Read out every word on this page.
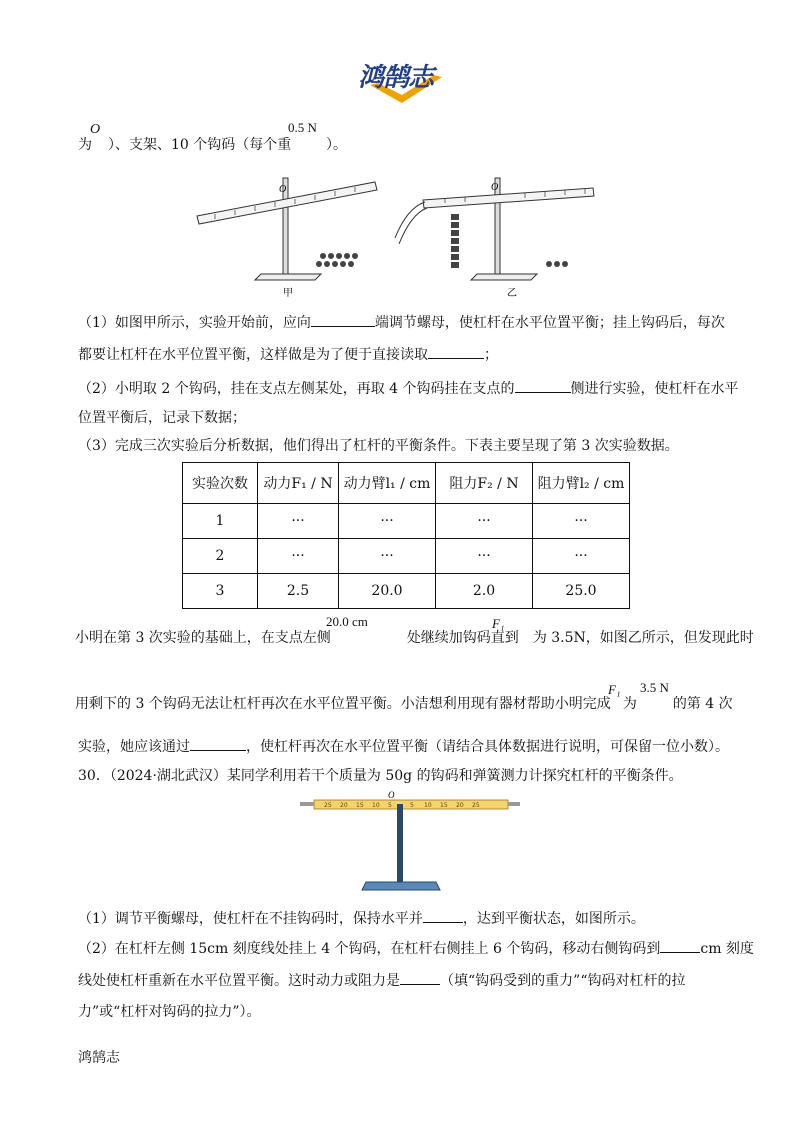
鸿鹄志
为
O
）、支架、10 个钩码（每个重
0.5 N
）。
O
甲
O
乙
（1）如图甲所示，实验开始前，应向	端调节螺母，使杠杆在水平位置平衡；挂上钩码后，每次
都要让杠杆在水平位置平衡，这样做是为了便于直接读取	；
（2）小明取 2 个钩码，挂在支点左侧某处，再取 4 个钩码挂在支点的	侧进行实验，使杠杆在水平
位置平衡后，记录下数据；
（3）完成三次实验后分析数据，他们得出了杠杆的平衡条件。下表主要呈现了第 3 次实验数据。
实验次数	动力F₁ / N	动力臂l₁ / cm	阻力F₂ / N	阻力臂l₂ / cm
1	···	···	···	···
2	···	···	···	···
3	2.5	20.0	2.0	25.0
20.0 cm	F₁
小明在第 3 次实验的基础上，在支点左侧	处继续加钩码直到 为 3.5N，如图乙所示，但发现此时
F₁ 3.5 N
用剩下的 3 个钩码无法让杠杆再次在水平位置平衡。小洁想利用现有器材帮助小明完成 为	的第 4 次
实验，她应该通过	，使杠杆再次在水平位置平衡（请结合具体数据进行说明，可保留一位小数）。
30．（2024·湖北武汉）某同学利用若干个质量为 50g 的钩码和弹簧测力计探究杠杆的平衡条件。
O
25 20 15 10 5	5 10 15 20 25
（1）调节平衡螺母，使杠杆在不挂钩码时，保持水平并	，达到平衡状态，如图所示。
（2）在杠杆左侧 15cm 刻度线处挂上 4 个钩码，在杠杆右侧挂上 6 个钩码，移动右侧钩码到	cm 刻度
线处使杠杆重新在水平位置平衡。这时动力或阻力是	（填“钩码受到的重力”“钩码对杠杆的拉
力”或“杠杆对钩码的拉力”）。
鸿鹄志
